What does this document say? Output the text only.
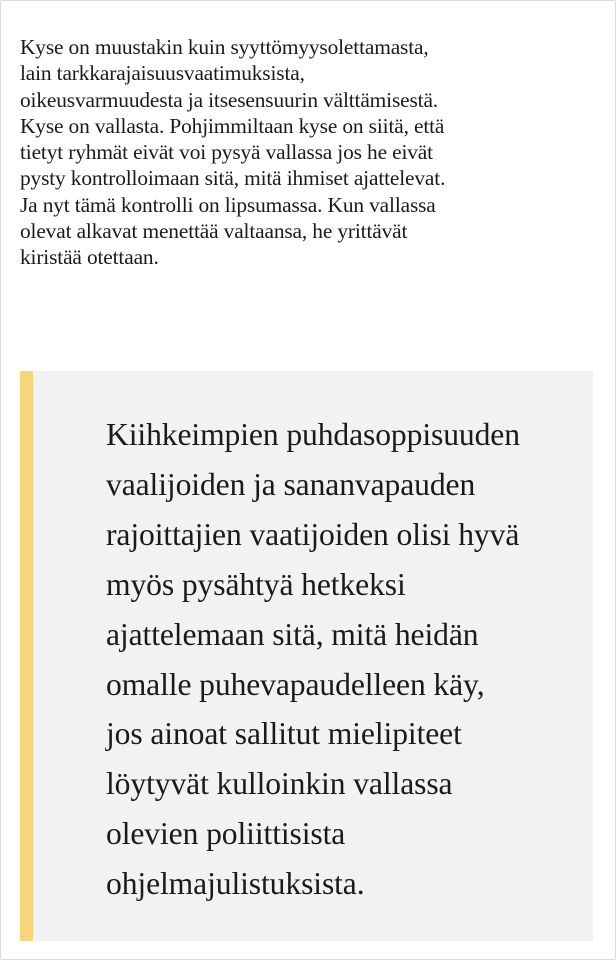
Kyse on muustakin kuin syyttömyysolettamasta,
lain tarkkarajaisuusvaatimuksista,
oikeusvarmuudesta ja itsesensuurin välttämisestä.
Kyse on vallasta. Pohjimmiltaan kyse on siitä, että
tietyt ryhmät eivät voi pysyä vallassa jos he eivät
pysty kontrolloimaan sitä, mitä ihmiset ajattelevat.
Ja nyt tämä kontrolli on lipsumassa. Kun vallassa
olevat alkavat menettää valtaansa, he yrittävät
kiristää otettaan.

Kiihkeimpien puhdasoppisuuden
vaalijoiden ja sananvapauden
rajoittajien vaatijoiden olisi hyvä
myös pysähtyä hetkeksi
ajattelemaan sitä, mitä heidän
omalle puhevapaudelleen käy,
jos ainoat sallitut mielipiteet
löytyvät kulloinkin vallassa
olevien poliittisista
ohjelmajulistuksista.
